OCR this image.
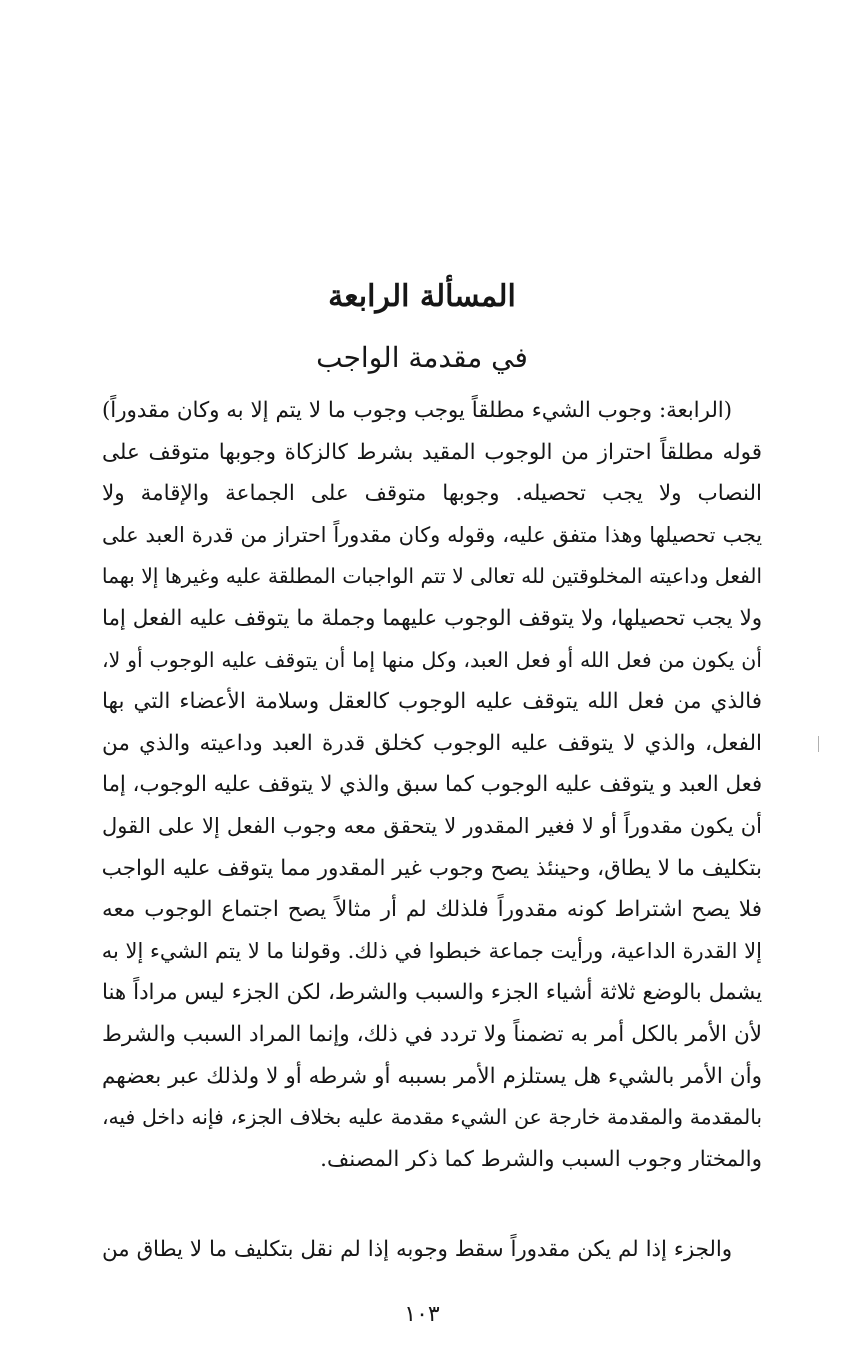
المسألة الرابعة
في مقدمة الواجب
(الرابعة: وجوب الشيء مطلقاً يوجب وجوب ما لا يتم إلا به وكان مقدوراً)
قوله مطلقاً احتراز من الوجوب المقيد بشرط كالزكاة وجوبها متوقف على
النصاب ولا يجب تحصيله. وجوبها متوقف على الجماعة والإقامة ولا
يجب تحصيلها وهذا متفق عليه، وقوله وكان مقدوراً احتراز من قدرة العبد على
الفعل وداعيته المخلوقتين لله تعالى لا تتم الواجبات المطلقة عليه وغيرها إلا بهما
ولا يجب تحصيلها، ولا يتوقف الوجوب عليهما وجملة ما يتوقف عليه الفعل إما
أن يكون من فعل الله أو فعل العبد، وكل منها إما أن يتوقف عليه الوجوب أو لا،
فالذي من فعل الله يتوقف عليه الوجوب كالعقل وسلامة الأعضاء التي بها
الفعل، والذي لا يتوقف عليه الوجوب كخلق قدرة العبد وداعيته والذي من
فعل العبد و يتوقف عليه الوجوب كما سبق والذي لا يتوقف عليه الوجوب، إما
أن يكون مقدوراً أو لا فغير المقدور لا يتحقق معه وجوب الفعل إلا على القول
بتكليف ما لا يطاق، وحينئذ يصح وجوب غير المقدور مما يتوقف عليه الواجب
فلا يصح اشتراط كونه مقدوراً فلذلك لم أر مثالاً يصح اجتماع الوجوب معه
إلا القدرة الداعية، ورأيت جماعة خبطوا في ذلك. وقولنا ما لا يتم الشيء إلا به
يشمل بالوضع ثلاثة أشياء الجزء والسبب والشرط، لكن الجزء ليس مراداً هنا
لأن الأمر بالكل أمر به تضمناً ولا تردد في ذلك، وإنما المراد السبب والشرط
وأن الأمر بالشيء هل يستلزم الأمر بسببه أو شرطه أو لا ولذلك عبر بعضهم
بالمقدمة والمقدمة خارجة عن الشيء مقدمة عليه بخلاف الجزء، فإنه داخل فيه،
والمختار وجوب السبب والشرط كما ذكر المصنف.
والجزء إذا لم يكن مقدوراً سقط وجوبه إذا لم نقل بتكليف ما لا يطاق من
١٠٣
